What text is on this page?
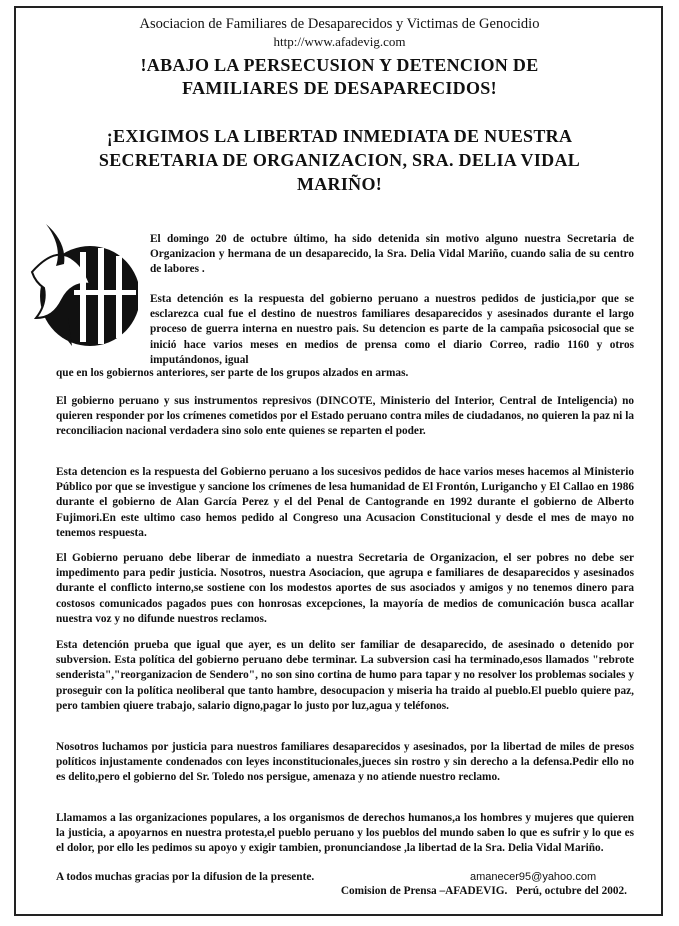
Asociacion de Familiares de Desaparecidos y Victimas de Genocidio
http://www.afadevig.com
!ABAJO LA PERSECUSION Y DETENCION DE FAMILIARES DE DESAPARECIDOS!
¡EXIGIMOS LA LIBERTAD INMEDIATA DE NUESTRA SECRETARIA DE ORGANIZACION, SRA. DELIA VIDAL MARIÑO!

El domingo 20 de octubre último, ha sido detenida sin motivo alguno nuestra Secretaria de Organizacion y hermana de un desaparecido, la Sra. Delia Vidal Mariño, cuando salia de su centro de labores .

Esta detención es la respuesta del gobierno peruano a nuestros pedidos de justicia,por que se esclarezca cual fue el destino de nuestros familiares desaparecidos y asesinados durante el largo proceso de guerra interna en nuestro pais. Su detencion es parte de la campaña psicosocial que se inició hace varios meses en medios de prensa como el diario Correo, radio 1160 y otros imputándonos, igual

que en los gobiernos anteriores, ser parte de los grupos alzados en armas.

El gobierno peruano y sus instrumentos represivos (DINCOTE, Ministerio del Interior, Central de Inteligencia) no quieren responder por los crímenes cometidos por el Estado peruano contra miles de ciudadanos, no quieren la paz ni la reconciliacion nacional verdadera sino solo ente quienes se reparten el poder.

Esta detencion es la respuesta del Gobierno peruano a los sucesivos pedidos de hace varios meses hacemos al Ministerio Público por que se investigue y sancione los crímenes de lesa humanidad de El Frontón, Lurigancho y El Callao en 1986 durante el gobierno de Alan García Perez y el del Penal de Cantogrande en 1992 durante el gobierno de Alberto Fujimori.En este ultimo caso hemos pedido al Congreso una Acusacion Constitucional y desde el mes de mayo no tenemos respuesta.

El Gobierno peruano debe liberar de inmediato a nuestra Secretaria de Organizacion, el ser pobres no debe ser impedimento para pedir justicia. Nosotros, nuestra Asociacion, que agrupa e familiares de desaparecidos y asesinados durante el conflicto interno,se sostiene con los modestos aportes de sus asociados y amigos y no tenemos dinero para costosos comunicados pagados pues con honrosas excepciones, la mayoría de medios de comunicación busca acallar nuestra voz y no difunde nuestros reclamos.

Esta detención prueba que igual que ayer, es un delito ser familiar de desaparecido, de asesinado o detenido por subversion. Esta política del gobierno peruano debe terminar. La subversion casi ha terminado,esos llamados "rebrote senderista","reorganizacion de Sendero", no son sino cortina de humo para tapar y no resolver los problemas sociales y proseguir con la política neoliberal que tanto hambre, desocupacion y miseria ha traido al pueblo.El pueblo quiere paz, pero tambien qiuere trabajo, salario digno,pagar lo justo por luz,agua y teléfonos.

Nosotros luchamos por justicia para nuestros familiares desaparecidos y asesinados, por la libertad de miles de presos políticos injustamente condenados con leyes inconstitucionales,jueces sin rostro y sin derecho a la defensa.Pedir ello no es delito,pero el gobierno del Sr. Toledo nos persigue, amenaza y no atiende nuestro reclamo.

Llamamos a las organizaciones populares, a los organismos de derechos humanos,a los hombres y mujeres que quieren la justicia, a apoyarnos en nuestra protesta,el pueblo peruano y los pueblos del mundo saben lo que es sufrir y lo que es el dolor, por ello les pedimos su apoyo y exigir tambien, pronunciandose ,la libertad de la Sra. Delia Vidal Mariño.

A todos muchas gracias por la difusion de la presente.	amanecer95@yahoo.com
Comision de Prensa –AFADEVIG.   Perú, octubre del 2002.
